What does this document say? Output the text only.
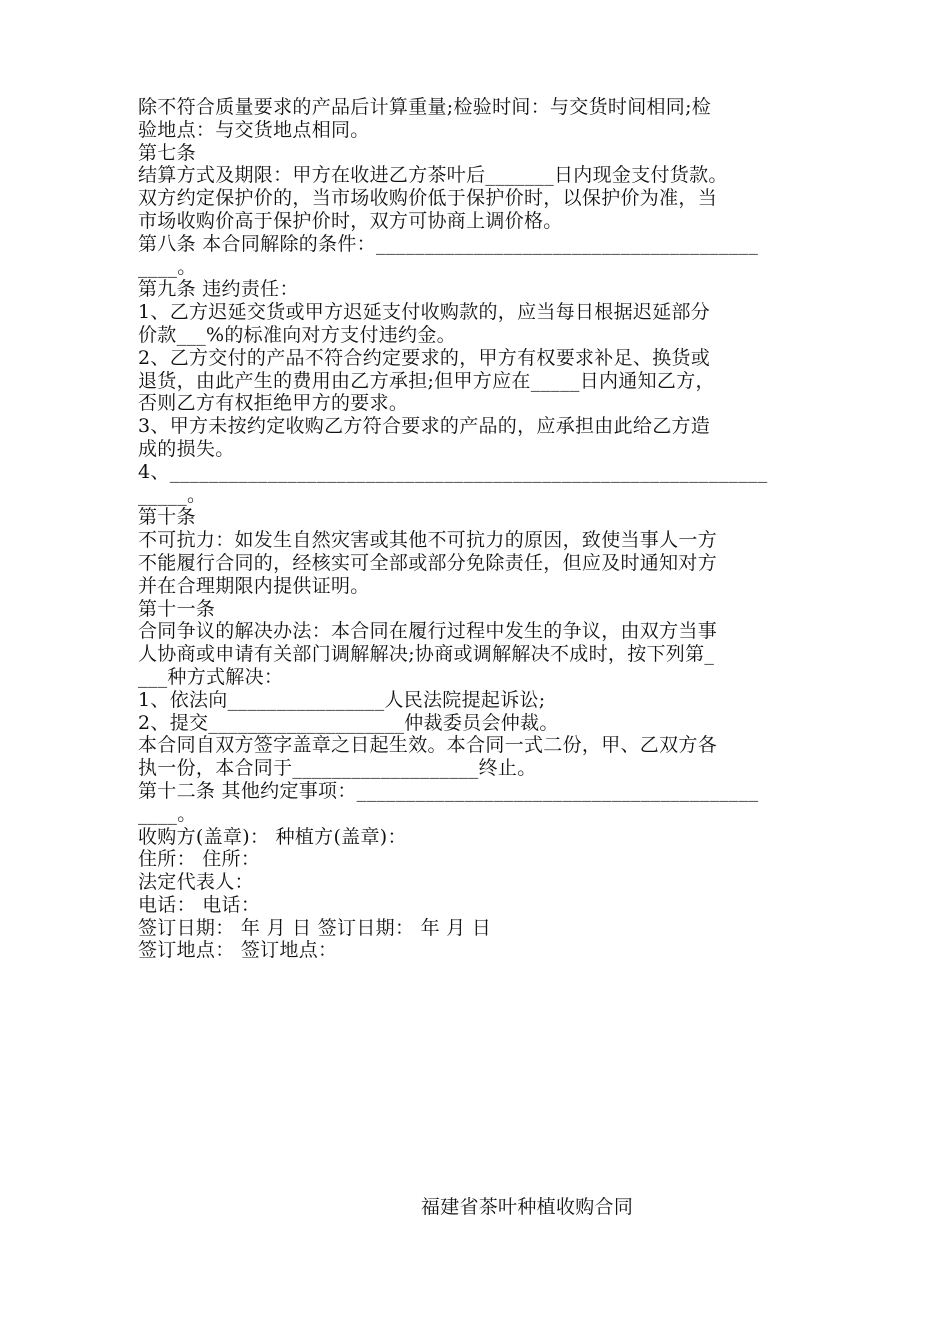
除不符合质量要求的产品后计算重量;检验时间：与交货时间相同;检
验地点：与交货地点相同。
第七条
结算方式及期限：甲方在收进乙方茶叶后_______日内现金支付货款。
双方约定保护价的，当市场收购价低于保护价时，以保护价为准，当
市场收购价高于保护价时，双方可协商上调价格。
第八条 本合同解除的条件：_______________________________________
____。
第九条 违约责任：
1、乙方迟延交货或甲方迟延支付收购款的，应当每日根据迟延部分
价款___%的标准向对方支付违约金。
2、乙方交付的产品不符合约定要求的，甲方有权要求补足、换货或
退货，由此产生的费用由乙方承担;但甲方应在_____日内通知乙方，
否则乙方有权拒绝甲方的要求。
3、甲方未按约定收购乙方符合要求的产品的，应承担由此给乙方造
成的损失。
4、_____________________________________________________________
_____。
第十条
不可抗力：如发生自然灾害或其他不可抗力的原因，致使当事人一方
不能履行合同的，经核实可全部或部分免除责任，但应及时通知对方
并在合理期限内提供证明。
第十一条
合同争议的解决办法：本合同在履行过程中发生的争议，由双方当事
人协商或申请有关部门调解解决;协商或调解解决不成时，按下列第_
___种方式解决：
1、依法向________________人民法院提起诉讼;
2、提交____________________仲裁委员会仲裁。
本合同自双方签字盖章之日起生效。本合同一式二份，甲、乙双方各
执一份，本合同于___________________终止。
第十二条 其他约定事项：_________________________________________
____。
收购方(盖章)： 种植方(盖章)：
住所： 住所：
法定代表人：
电话： 电话：
签订日期： 年 月 日 签订日期： 年 月 日
签订地点： 签订地点：
福建省茶叶种植收购合同
